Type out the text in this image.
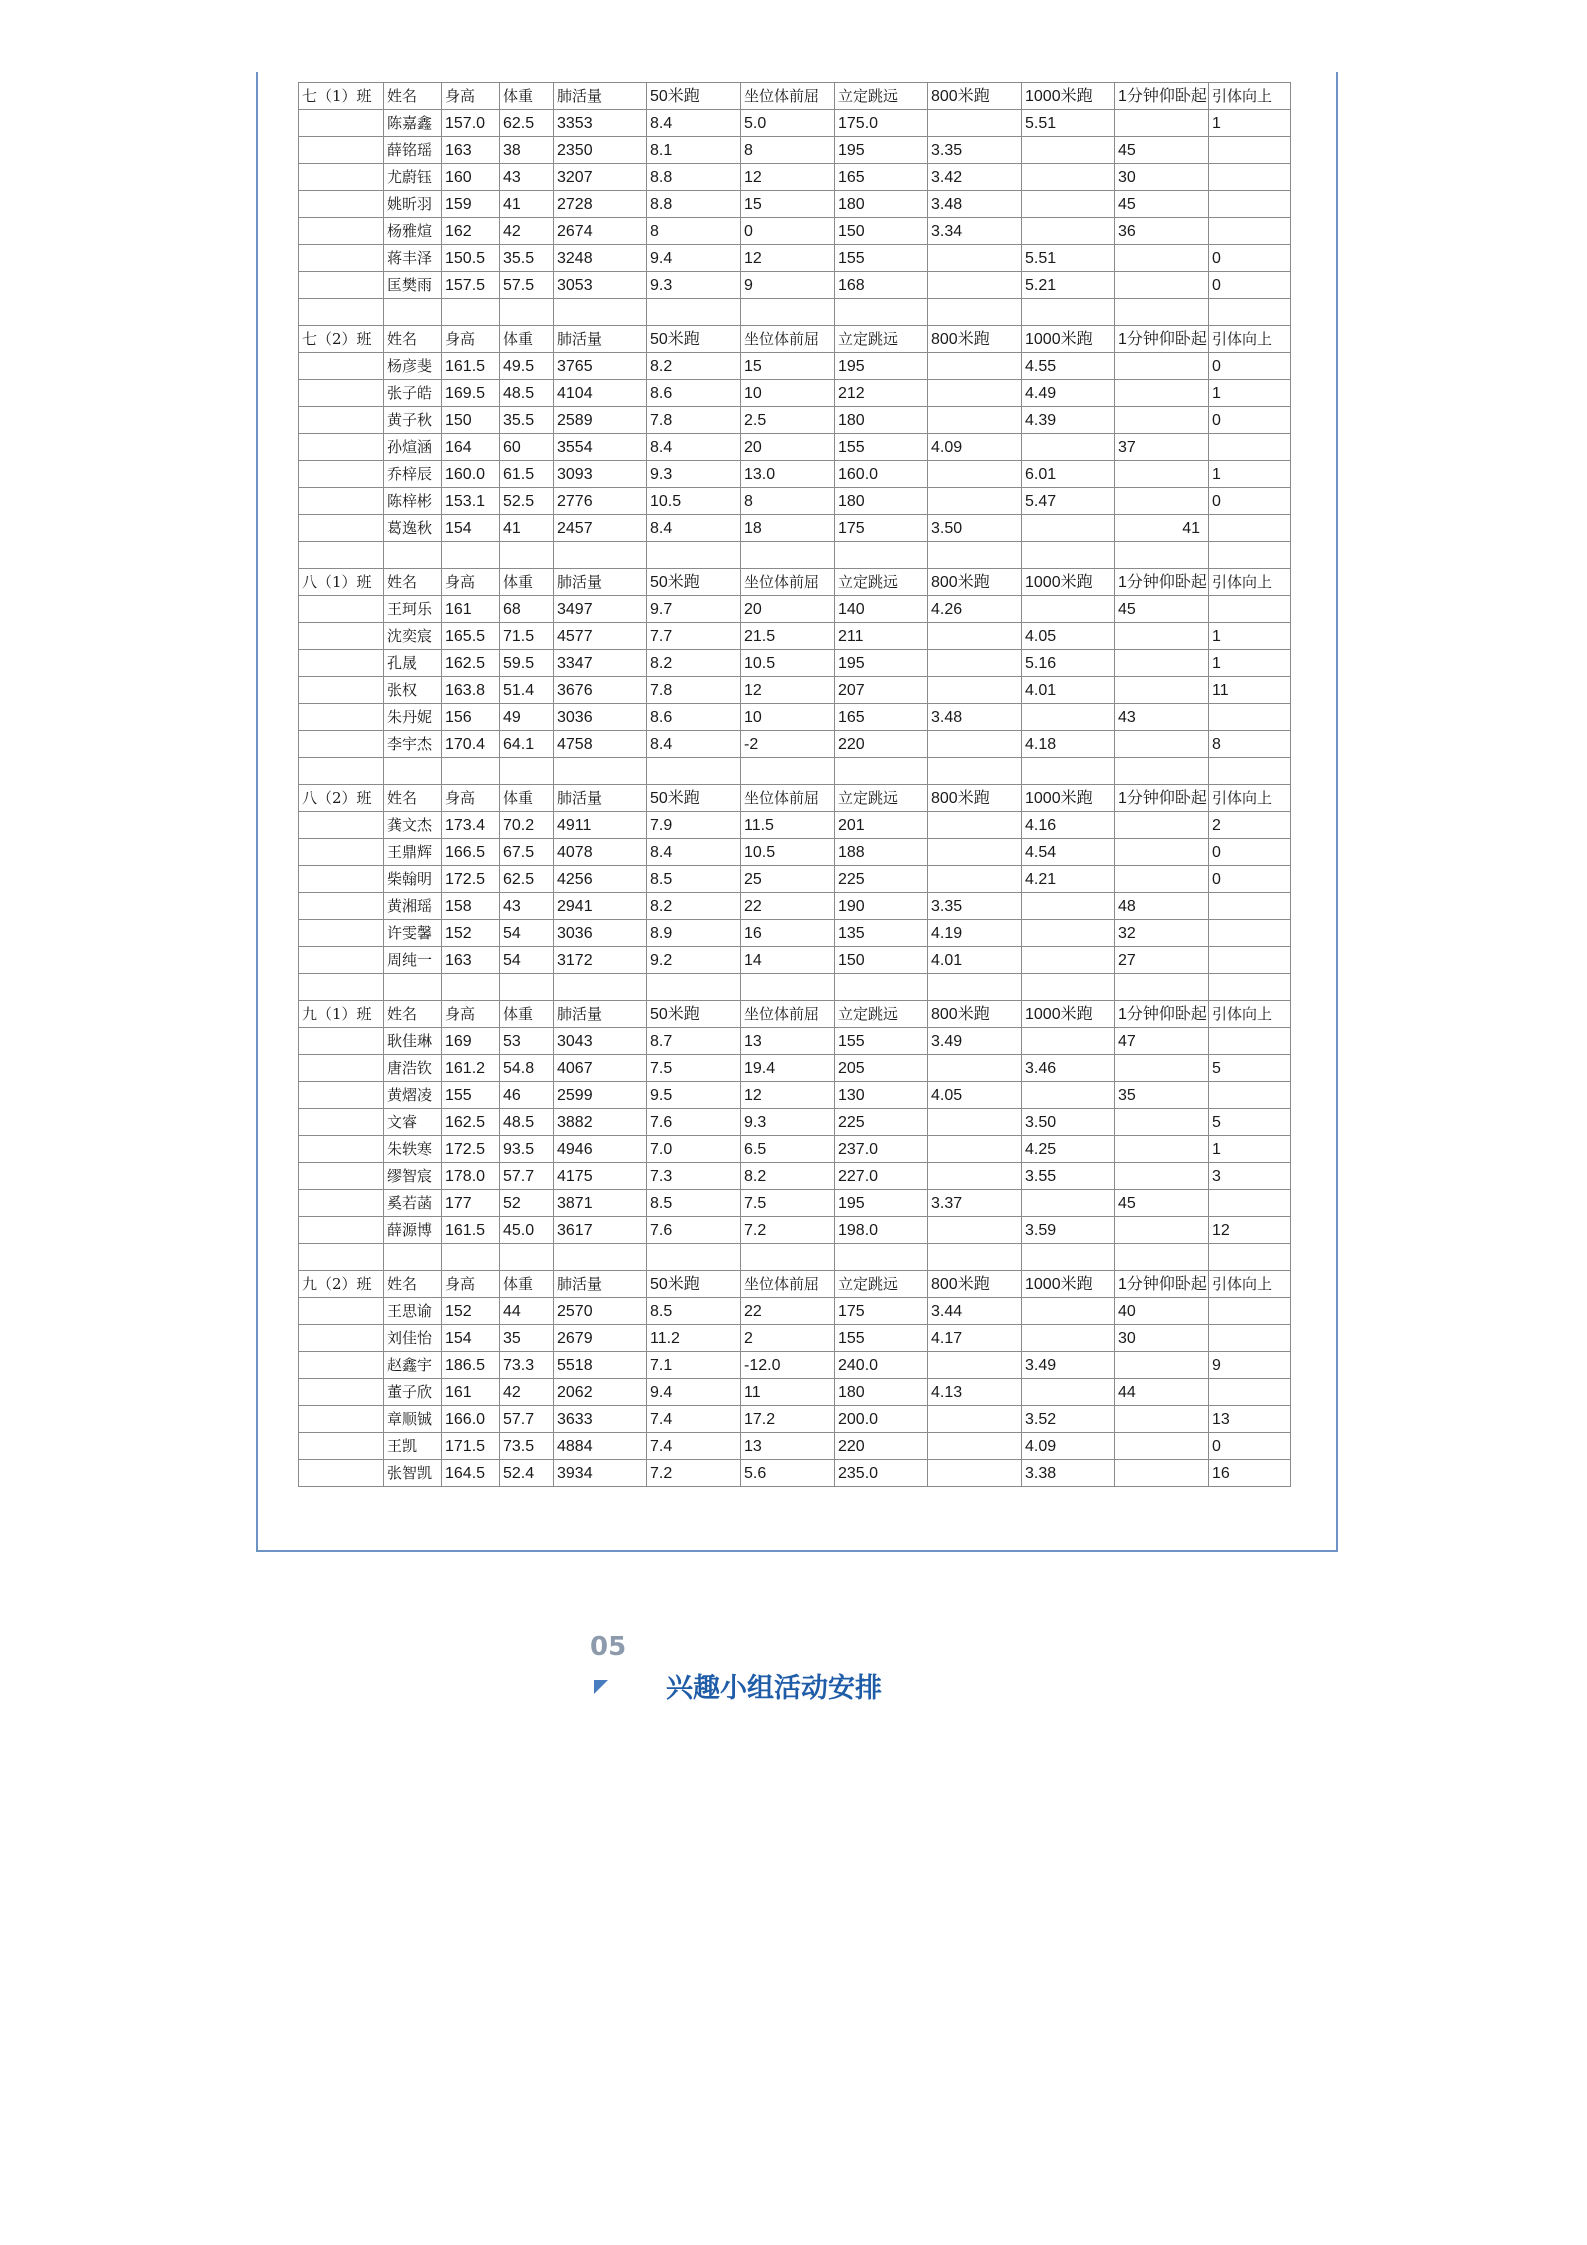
七（1）班	姓名	身高	体重	肺活量	50米跑	坐位体前屈	立定跳远	800米跑	1000米跑	1分钟仰卧起	引体向上
	陈嘉鑫	157.0	62.5	3353	8.4	5.0	175.0		5.51		1
	薛铭瑶	163	38	2350	8.1	8	195	3.35		45	
	尤蔚钰	160	43	3207	8.8	12	165	3.42		30	
	姚昕羽	159	41	2728	8.8	15	180	3.48		45	
	杨雅煊	162	42	2674	8	0	150	3.34		36	
	蒋丰泽	150.5	35.5	3248	9.4	12	155		5.51		0
	匡樊雨	157.5	57.5	3053	9.3	9	168		5.21		0

七（2）班	姓名	身高	体重	肺活量	50米跑	坐位体前屈	立定跳远	800米跑	1000米跑	1分钟仰卧起	引体向上
	杨彦斐	161.5	49.5	3765	8.2	15	195		4.55		0
	张子皓	169.5	48.5	4104	8.6	10	212		4.49		1
	黄子秋	150	35.5	2589	7.8	2.5	180		4.39		0
	孙煊涵	164	60	3554	8.4	20	155	4.09		37	
	乔梓辰	160.0	61.5	3093	9.3	13.0	160.0		6.01		1
	陈梓彬	153.1	52.5	2776	10.5	8	180		5.47		0
	葛逸秋	154	41	2457	8.4	18	175	3.50		41	

八（1）班	姓名	身高	体重	肺活量	50米跑	坐位体前屈	立定跳远	800米跑	1000米跑	1分钟仰卧起	引体向上
	王珂乐	161	68	3497	9.7	20	140	4.26		45	
	沈奕宸	165.5	71.5	4577	7.7	21.5	211		4.05		1
	孔晟	162.5	59.5	3347	8.2	10.5	195		5.16		1
	张权	163.8	51.4	3676	7.8	12	207		4.01		11
	朱丹妮	156	49	3036	8.6	10	165	3.48		43	
	李宇杰	170.4	64.1	4758	8.4	-2	220		4.18		8

八（2）班	姓名	身高	体重	肺活量	50米跑	坐位体前屈	立定跳远	800米跑	1000米跑	1分钟仰卧起	引体向上
	龚文杰	173.4	70.2	4911	7.9	11.5	201		4.16		2
	王鼎辉	166.5	67.5	4078	8.4	10.5	188		4.54		0
	柴翰明	172.5	62.5	4256	8.5	25	225		4.21		0
	黄湘瑶	158	43	2941	8.2	22	190	3.35		48	
	许雯馨	152	54	3036	8.9	16	135	4.19		32	
	周纯一	163	54	3172	9.2	14	150	4.01		27	

九（1）班	姓名	身高	体重	肺活量	50米跑	坐位体前屈	立定跳远	800米跑	1000米跑	1分钟仰卧起	引体向上
	耿佳琳	169	53	3043	8.7	13	155	3.49		47	
	唐浩钦	161.2	54.8	4067	7.5	19.4	205		3.46		5
	黄熠凌	155	46	2599	9.5	12	130	4.05		35	
	文睿	162.5	48.5	3882	7.6	9.3	225		3.50		5
	朱轶寒	172.5	93.5	4946	7.0	6.5	237.0		4.25		1
	缪智宸	178.0	57.7	4175	7.3	8.2	227.0		3.55		3
	奚若菡	177	52	3871	8.5	7.5	195	3.37		45	
	薛源博	161.5	45.0	3617	7.6	7.2	198.0		3.59		12

九（2）班	姓名	身高	体重	肺活量	50米跑	坐位体前屈	立定跳远	800米跑	1000米跑	1分钟仰卧起	引体向上
	王思谕	152	44	2570	8.5	22	175	3.44		40	
	刘佳怡	154	35	2679	11.2	2	155	4.17		30	
	赵鑫宇	186.5	73.3	5518	7.1	-12.0	240.0		3.49		9
	董子欣	161	42	2062	9.4	11	180	4.13		44	
	章顺铖	166.0	57.7	3633	7.4	17.2	200.0		3.52		13
	王凯	171.5	73.5	4884	7.4	13	220		4.09		0
	张智凯	164.5	52.4	3934	7.2	5.6	235.0		3.38		16
05
兴趣小组活动安排
